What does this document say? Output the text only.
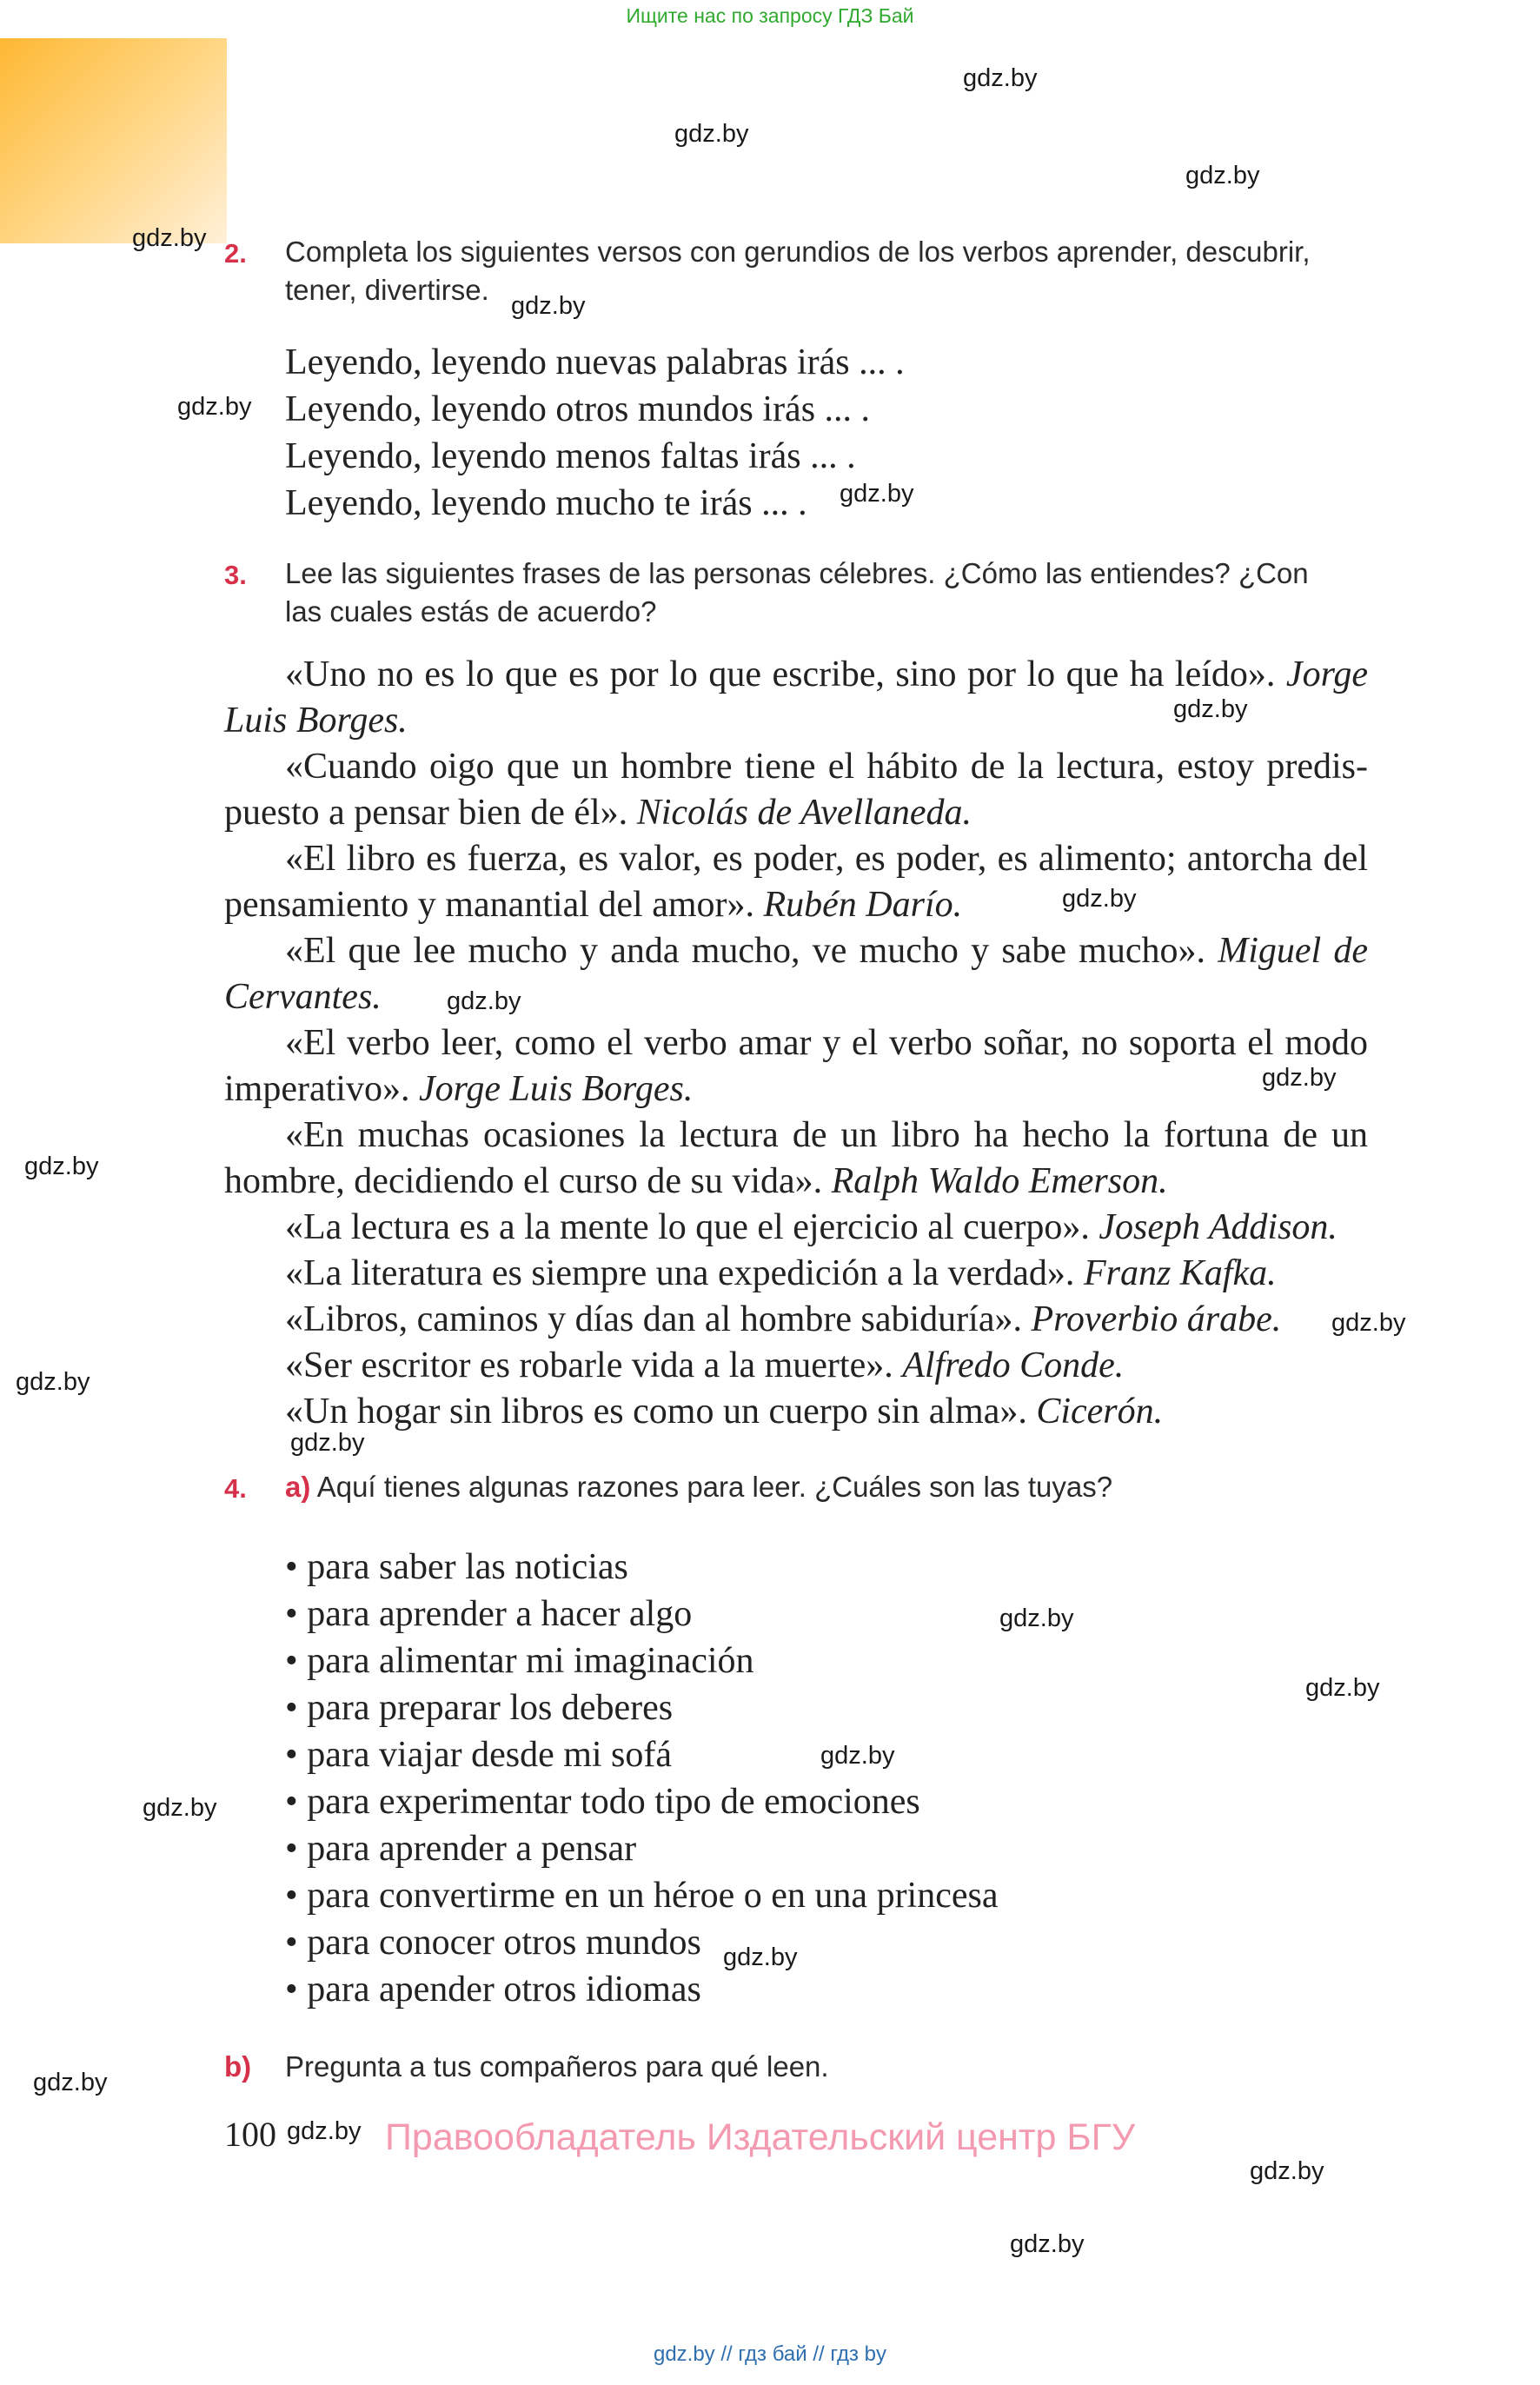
Ищите нас по запросу ГДЗ Бай
2. Completa los siguientes versos con gerundios de los verbos aprender, descubrir,
tener, divertirse.
Leyendo, leyendo nuevas palabras irás ... .
Leyendo, leyendo otros mundos irás ... .
Leyendo, leyendo menos faltas irás ... .
Leyendo, leyendo mucho te irás ... .
3. Lee las siguientes frases de las personas célebres. ¿Cómo las entiendes? ¿Con
las cuales estás de acuerdo?
«Uno no es lo que es por lo que escribe, sino por lo que ha leído». Jorge Luis Borges.
«Cuando oigo que un hombre tiene el hábito de la lectura, estoy predis-puesto a pensar bien de él». Nicolás de Avellaneda.
«El libro es fuerza, es valor, es poder, es poder, es alimento; antorcha del pensamiento y manantial del amor». Rubén Darío.
«El que lee mucho y anda mucho, ve mucho y sabe mucho». Miguel de Cervantes.
«El verbo leer, como el verbo amar y el verbo soñar, no soporta el modo imperativo». Jorge Luis Borges.
«En muchas ocasiones la lectura de un libro ha hecho la fortuna de un hombre, decidiendo el curso de su vida». Ralph Waldo Emerson.
«La lectura es a la mente lo que el ejercicio al cuerpo». Joseph Addison.
«La literatura es siempre una expedición a la verdad». Franz Kafka.
«Libros, caminos y días dan al hombre sabiduría». Proverbio árabe.
«Ser escritor es robarle vida a la muerte». Alfredo Conde.
«Un hogar sin libros es como un cuerpo sin alma». Cicerón.
4. a) Aquí tienes algunas razones para leer. ¿Cuáles son las tuyas?
• para saber las noticias
• para aprender a hacer algo
• para alimentar mi imaginación
• para preparar los deberes
• para viajar desde mi sofá
• para experimentar todo tipo de emociones
• para aprender a pensar
• para convertirme en un héroe o en una princesa
• para conocer otros mundos
• para apender otros idiomas
b) Pregunta a tus compañeros para qué leen.
100	Правообладатель Издательский центр БГУ
gdz.by
gdz.by
gdz.by
gdz.by
gdz.by
gdz.by
gdz.by
gdz.by
gdz.by
gdz.by
gdz.by
gdz.by
gdz.by
gdz.by
gdz.by
gdz.by
gdz.by
gdz.by
gdz.by
gdz.by
gdz.by
gdz.by
gdz.by
gdz.by
gdz.by // гдз бай // гдз by
